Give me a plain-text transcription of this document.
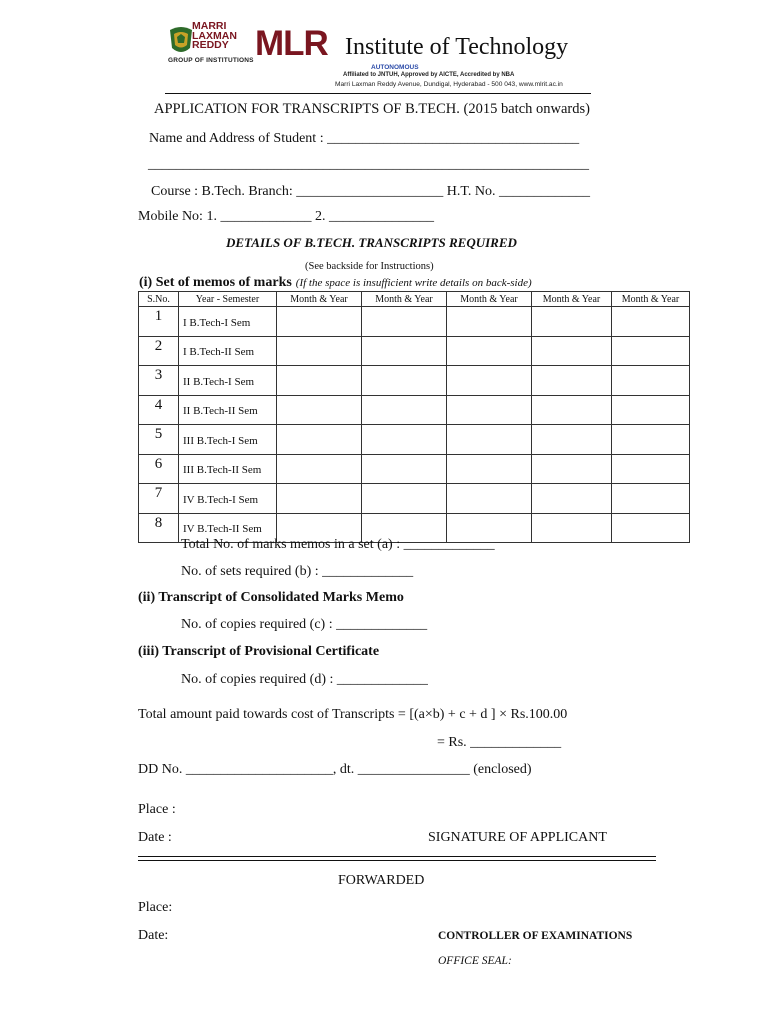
MARRI
LAXMAN
REDDY
GROUP OF INSTITUTIONS MLR Institute of Technology
AUTONOMOUS
Affiliated to JNTUH, Approved by AICTE, Accredited by NBA
Marri Laxman Reddy Avenue, Dundigal, Hyderabad - 500 043, www.mlrit.ac.in
APPLICATION FOR TRANSCRIPTS OF B.TECH. (2015 batch onwards)
Name and Address of Student : ____________________________________
_______________________________________________________________
Course : B.Tech. Branch: _____________________ H.T. No. _____________
Mobile No: 1. _____________ 2. _______________
DETAILS OF B.TECH. TRANSCRIPTS REQUIRED
(See backside for Instructions)
(i) Set of memos of marks (If the space is insufficient write details on back-side)
S.No.	Year - Semester	Month & Year	Month & Year	Month & Year	Month & Year	Month & Year
1	I B.Tech-I Sem					
2	I B.Tech-II Sem					
3	II B.Tech-I Sem					
4	II B.Tech-II Sem					
5	III B.Tech-I Sem					
6	III B.Tech-II Sem					
7	IV B.Tech-I Sem					
8	IV B.Tech-II Sem					
Total No. of marks memos in a set (a) : _____________
No. of sets required (b) : _____________
(ii) Transcript of Consolidated Marks Memo
No. of copies required (c) : _____________
(iii) Transcript of Provisional Certificate
No. of copies required (d) : _____________
Total amount paid towards cost of Transcripts = [(a×b) + c + d ] × Rs.100.00
= Rs. _____________
DD No. _____________________, dt. ________________ (enclosed)
Place :
Date :	SIGNATURE OF APPLICANT
FORWARDED
Place:
Date:	CONTROLLER OF EXAMINATIONS
OFFICE SEAL:
